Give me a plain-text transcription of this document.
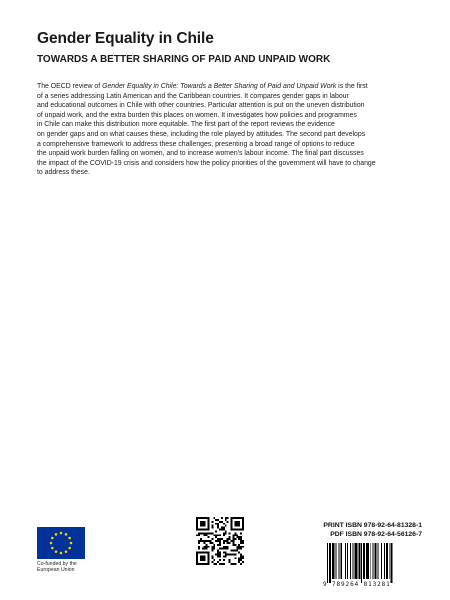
Gender Equality in Chile
TOWARDS A BETTER SHARING OF PAID AND UNPAID WORK
The OECD review of Gender Equality in Chile: Towards a Better Sharing of Paid and Unpaid Work is the first
of a series addressing Latin American and the Caribbean countries. It compares gender gaps in labour
and educational outcomes in Chile with other countries. Particular attention is put on the uneven distribution
of unpaid work, and the extra burden this places on women. It investigates how policies and programmes
in Chile can make this distribution more equitable. The first part of the report reviews the evidence
on gender gaps and on what causes these, including the role played by attitudes. The second part develops
a comprehensive framework to address these challenges, presenting a broad range of options to reduce
the unpaid work burden falling on women, and to increase women's labour income. The final part discusses
the impact of the COVID-19 crisis and considers how the policy priorities of the government will have to change
to address these.
Co-funded by the
European Union
PRINT ISBN 978-92-64-81328-1
PDF ISBN 978-92-64-56126-7
9 789264 813281
